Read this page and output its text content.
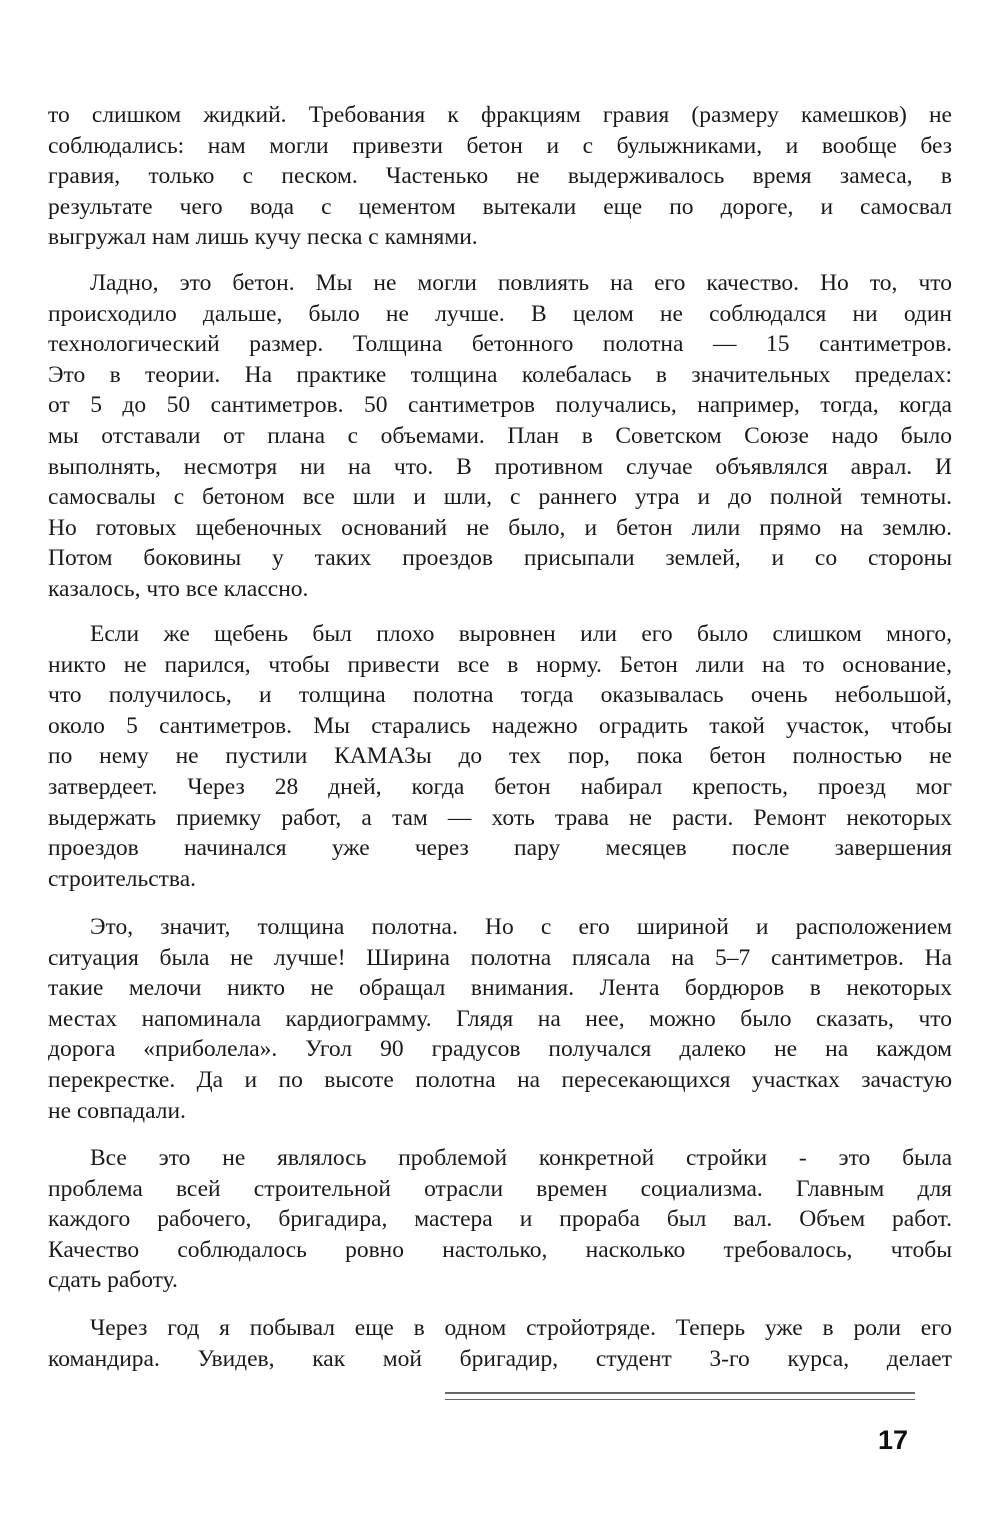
то слишком жидкий. Требования к фракциям гравия (размеру камешков) не
соблюдались: нам могли привезти бетон и с булыжниками, и вообще без
гравия, только с песком. Частенько не выдерживалось время замеса, в
результате чего вода с цементом вытекали еще по дороге, и самосвал
выгружал нам лишь кучу песка с камнями.
Ладно, это бетон. Мы не могли повлиять на его качество. Но то, что
происходило дальше, было не лучше. В целом не соблюдался ни один
технологический размер. Толщина бетонного полотна — 15 сантиметров.
Это в теории. На практике толщина колебалась в значительных пределах:
от 5 до 50 сантиметров. 50 сантиметров получались, например, тогда, когда
мы отставали от плана с объемами. План в Советском Союзе надо было
выполнять, несмотря ни на что. В противном случае объявлялся аврал. И
самосвалы с бетоном все шли и шли, с раннего утра и до полной темноты.
Но готовых щебеночных оснований не было, и бетон лили прямо на землю.
Потом боковины у таких проездов присыпали землей, и со стороны
казалось, что все классно.
Если же щебень был плохо выровнен или его было слишком много,
никто не парился, чтобы привести все в норму. Бетон лили на то основание,
что получилось, и толщина полотна тогда оказывалась очень небольшой,
около 5 сантиметров. Мы старались надежно оградить такой участок, чтобы
по нему не пустили КАМАЗы до тех пор, пока бетон полностью не
затвердеет. Через 28 дней, когда бетон набирал крепость, проезд мог
выдержать приемку работ, а там — хоть трава не расти. Ремонт некоторых
проездов начинался уже через пару месяцев после завершения
строительства.
Это, значит, толщина полотна. Но с его шириной и расположением
ситуация была не лучше! Ширина полотна плясала на 5–7 сантиметров. На
такие мелочи никто не обращал внимания. Лента бордюров в некоторых
местах напоминала кардиограмму. Глядя на нее, можно было сказать, что
дорога «приболела». Угол 90 градусов получался далеко не на каждом
перекрестке. Да и по высоте полотна на пересекающихся участках зачастую
не совпадали.
Все это не являлось проблемой конкретной стройки - это была
проблема всей строительной отрасли времен социализма. Главным для
каждого рабочего, бригадира, мастера и прораба был вал. Объем работ.
Качество соблюдалось ровно настолько, насколько требовалось, чтобы
сдать работу.
Через год я побывал еще в одном стройотряде. Теперь уже в роли его
командира. Увидев, как мой бригадир, студент 3-го курса, делает
17
